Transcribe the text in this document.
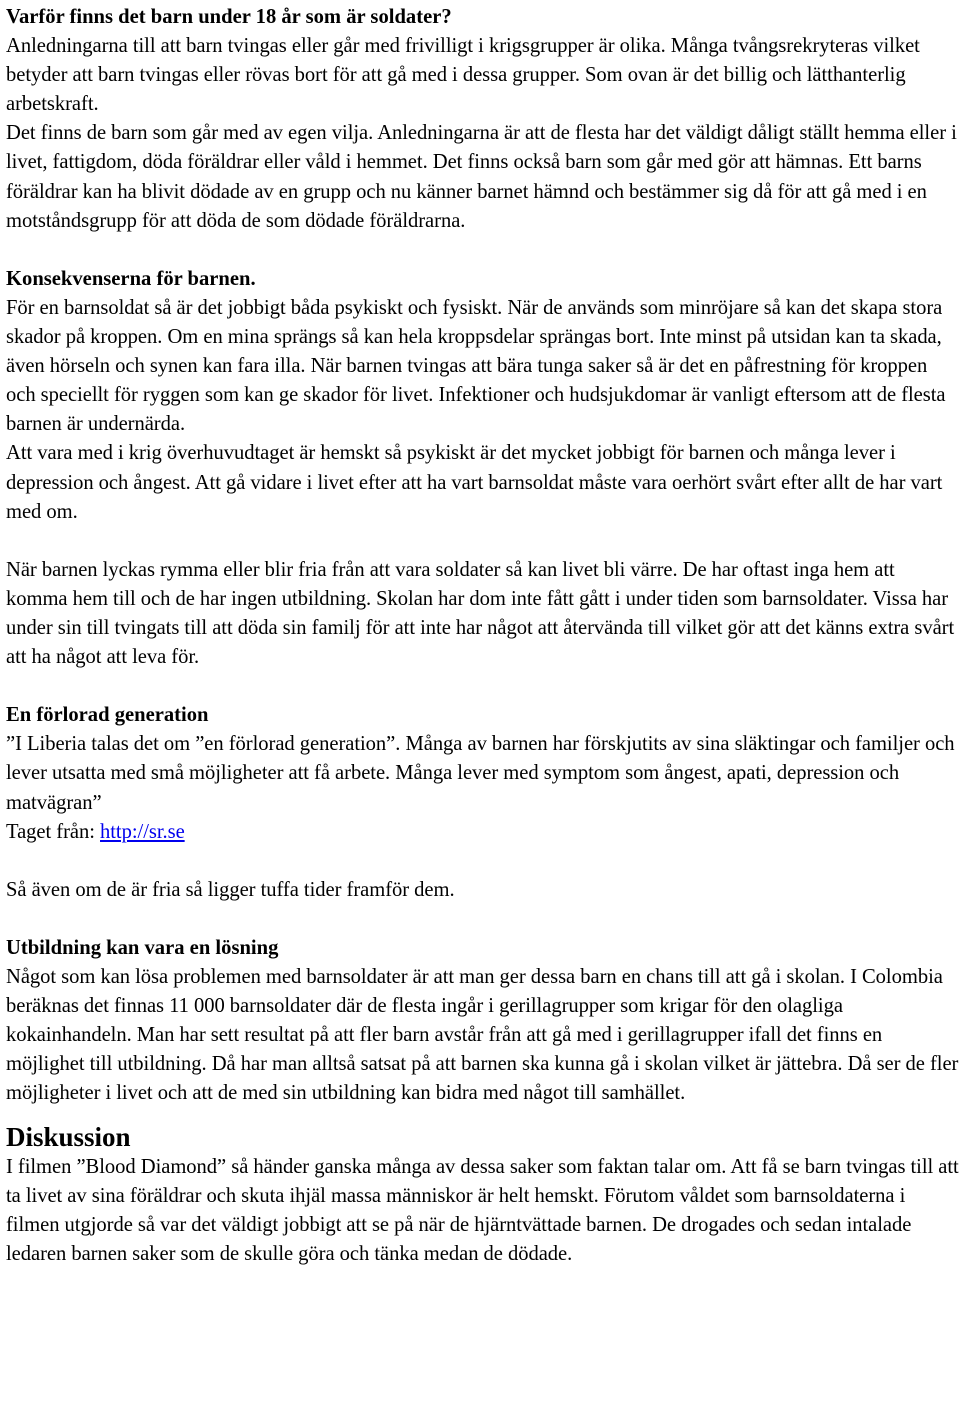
Varför finns det barn under 18 år som är soldater?

Anledningarna till att barn tvingas eller går med frivilligt i krigsgrupper är olika. Många tvångsrekryteras vilket betyder att barn tvingas eller rövas bort för att gå med i dessa grupper. Som ovan är det billig och lätthanterlig arbetskraft.

Det finns de barn som går med av egen vilja. Anledningarna är att de flesta har det väldigt dåligt ställt hemma eller i livet, fattigdom, döda föräldrar eller våld i hemmet. Det finns också barn som går med gör att hämnas. Ett barns föräldrar kan ha blivit dödade av en grupp och nu känner barnet hämnd och bestämmer sig då för att gå med i en motståndsgrupp för att döda de som dödade föräldrarna.

Konsekvenserna för barnen.

För en barnsoldat så är det jobbigt båda psykiskt och fysiskt. När de används som minröjare så kan det skapa stora skador på kroppen. Om en mina sprängs så kan hela kroppsdelar sprängas bort. Inte minst på utsidan kan ta skada, även hörseln och synen kan fara illa. När barnen tvingas att bära tunga saker så är det en påfrestning för kroppen och speciellt för ryggen som kan ge skador för livet. Infektioner och hudsjukdomar är vanligt eftersom att de flesta barnen är undernärda.

Att vara med i krig överhuvudtaget är hemskt så psykiskt är det mycket jobbigt för barnen och många lever i depression och ångest. Att gå vidare i livet efter att ha vart barnsoldat måste vara oerhört svårt efter allt de har vart med om.

När barnen lyckas rymma eller blir fria från att vara soldater så kan livet bli värre. De har oftast inga hem att komma hem till och de har ingen utbildning. Skolan har dom inte fått gått i under tiden som barnsoldater. Vissa har under sin till tvingats till att döda sin familj för att inte har något att återvända till vilket gör att det känns extra svårt att ha något att leva för.

En förlorad generation

”I Liberia talas det om ”en förlorad generation”. Många av barnen har förskjutits av sina släktingar och familjer och lever utsatta med små möjligheter att få arbete. Många lever med symptom som ångest, apati, depression och matvägran”

Taget från: http://sr.se

Så även om de är fria så ligger tuffa tider framför dem.

Utbildning kan vara en lösning

Något som kan lösa problemen med barnsoldater är att man ger dessa barn en chans till att gå i skolan. I Colombia beräknas det finnas 11 000 barnsoldater där de flesta ingår i gerillagrupper som krigar för den olagliga kokainhandeln. Man har sett resultat på att fler barn avstår från att gå med i gerillagrupper ifall det finns en möjlighet till utbildning. Då har man alltså satsat på att barnen ska kunna gå i skolan vilket är jättebra. Då ser de fler möjligheter i livet och att de med sin utbildning kan bidra med något till samhället.

Diskussion

I filmen ”Blood Diamond” så händer ganska många av dessa saker som faktan talar om. Att få se barn tvingas till att ta livet av sina föräldrar och skuta ihjäl massa människor är helt hemskt. Förutom våldet som barnsoldaterna i filmen utgjorde så var det väldigt jobbigt att se på när de hjärntvättade barnen. De drogades och sedan intalade ledaren barnen saker som de skulle göra och tänka medan de dödade.
